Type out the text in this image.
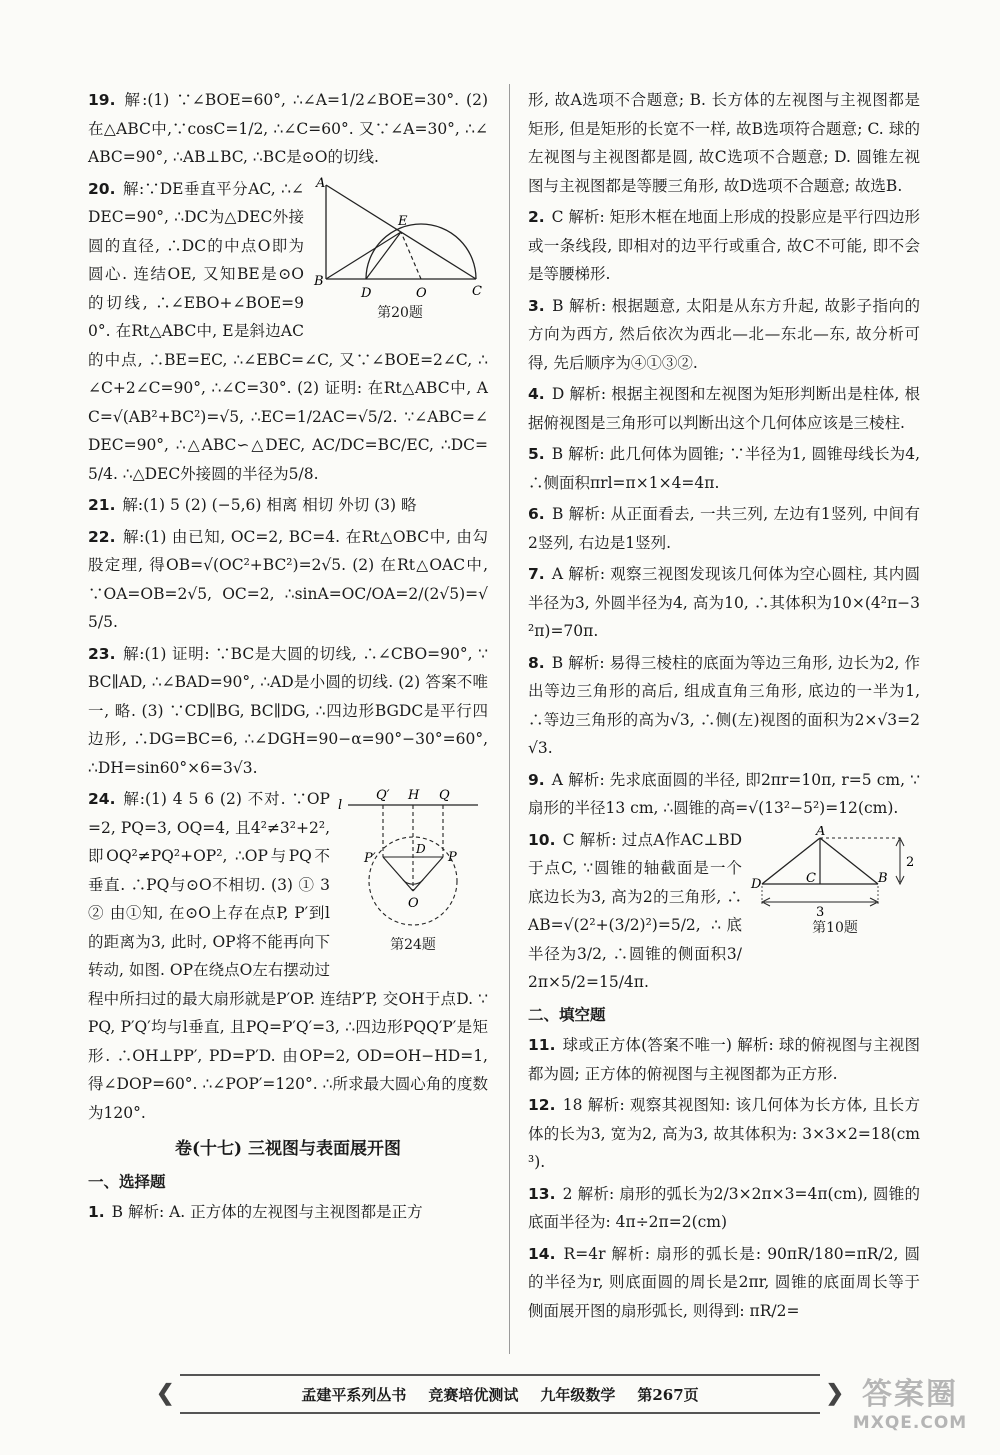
19. 解:(1) ∵∠BOE=60°, ∴∠A=1/2∠BOE=30°. (2) 在△ABC中,∵cosC=1/2, ∴∠C=60°. 又∵∠A=30°, ∴∠ABC=90°, ∴AB⊥BC, ∴BC是⊙O的切线.

A
E
B
D	O	C
第20题
20. 解:∵DE垂直平分AC, ∴∠DEC=90°, ∴DC为△DEC外接圆的直径, ∴DC的中点O即为圆心. 连结OE, 又知BE是⊙O的切线, ∴∠EBO+∠BOE=90°. 在Rt△ABC中, E是斜边AC的中点, ∴BE=EC, ∴∠EBC=∠C, 又∵∠BOE=2∠C, ∴∠C+2∠C=90°, ∴∠C=30°. (2) 证明: 在Rt△ABC中, AC=√(AB²+BC²)=√5, ∴EC=1/2AC=√5/2. ∵∠ABC=∠DEC=90°, ∴△ABC∽△DEC, AC/DC=BC/EC, ∴DC=5/4. ∴△DEC外接圆的半径为5/8.

21. 解:(1) 5 (2) (−5,6) 相离 相切 外切 (3) 略

22. 解:(1) 由已知, OC=2, BC=4. 在Rt△OBC中, 由勾股定理, 得OB=√(OC²+BC²)=2√5. (2) 在Rt△OAC中, ∵OA=OB=2√5, OC=2, ∴sinA=OC/OA=2/(2√5)=√5/5.

23. 解:(1) 证明: ∵BC是大圆的切线, ∴∠CBO=90°, ∵BC∥AD, ∴∠BAD=90°, ∴AD是小圆的切线. (2) 答案不唯一, 略. (3) ∵CD∥BG, BC∥DG, ∴四边形BGDC是平行四边形, ∴DG=BC=6, ∴∠DGH=90−α=90°−30°=60°, ∴DH=sin60°×6=3√3.

l
Q′ H Q
P′
D
P
O
第24题
24. 解:(1) 4 5 6 (2) 不对. ∵OP=2, PQ=3, OQ=4, 且4²≠3²+2², 即OQ²≠PQ²+OP², ∴OP与PQ不垂直. ∴PQ与⊙O不相切. (3) ① 3 ② 由①知, 在⊙O上存在点P, P′到l的距离为3, 此时, OP将不能再向下转动, 如图. OP在绕点O左右摆动过程中所扫过的最大扇形就是P′OP. 连结P′P, 交OH于点D. ∵PQ, P′Q′均与l垂直, 且PQ=P′Q′=3, ∴四边形PQQ′P′是矩形. ∴OH⊥PP′, PD=P′D. 由OP=2, OD=OH−HD=1, 得∠DOP=60°. ∴∠POP′=120°. ∴所求最大圆心角的度数为120°.
卷(十七) 三视图与表面展开图
一、选择题

1. B 解析: A. 正方体的左视图与主视图都是正方

形, 故A选项不合题意; B. 长方体的左视图与主视图都是矩形, 但是矩形的长宽不一样, 故B选项符合题意; C. 球的左视图与主视图都是圆, 故C选项不合题意; D. 圆锥左视图与主视图都是等腰三角形, 故D选项不合题意; 故选B.

2. C 解析: 矩形木框在地面上形成的投影应是平行四边形或一条线段, 即相对的边平行或重合, 故C不可能, 即不会是等腰梯形.

3. B 解析: 根据题意, 太阳是从东方升起, 故影子指向的方向为西方, 然后依次为西北—北—东北—东, 故分析可得, 先后顺序为④①③②.

4. D 解析: 根据主视图和左视图为矩形判断出是柱体, 根据俯视图是三角形可以判断出这个几何体应该是三棱柱.

5. B 解析: 此几何体为圆锥; ∵半径为1, 圆锥母线长为4, ∴侧面积πrl=π×1×4=4π.

6. B 解析: 从正面看去, 一共三列, 左边有1竖列, 中间有2竖列, 右边是1竖列.

7. A 解析: 观察三视图发现该几何体为空心圆柱, 其内圆半径为3, 外圆半径为4, 高为10, ∴其体积为10×(4²π−3²π)=70π.

8. B 解析: 易得三棱柱的底面为等边三角形, 边长为2, 作出等边三角形的高后, 组成直角三角形, 底边的一半为1, ∴等边三角形的高为√3, ∴侧(左)视图的面积为2×√3=2√3.

9. A 解析: 先求底面圆的半径, 即2πr=10π, r=5 cm, ∵扇形的半径13 cm, ∴圆锥的高=√(13²−5²)=12(cm).

A
D	C	B
2
3
第10题
10. C 解析: 过点A作AC⊥BD于点C, ∵圆锥的轴截面是一个底边长为3, 高为2的三角形, ∴AB=√(2²+(3/2)²)=5/2, ∴底半径为3/2, ∴圆锥的侧面积3/2π×5/2=15/4π.
二、填空题

11. 球或正方体(答案不唯一) 解析: 球的俯视图与主视图都为圆; 正方体的俯视图与主视图都为正方形.

12. 18 解析: 观察其视图知: 该几何体为长方体, 且长方体的长为3, 宽为2, 高为3, 故其体积为: 3×3×2=18(cm³).

13. 2 解析: 扇形的弧长为2/3×2π×3=4π(cm), 圆锥的底面半径为: 4π÷2π=2(cm)

14. R=4r 解析: 扇形的弧长是: 90πR/180=πR/2, 圆的半径为r, 则底面圆的周长是2πr, 圆锥的底面周长等于侧面展开图的扇形弧长, 则得到: πR/2=

❮	孟建平系列丛书 竞赛培优测试 九年级数学 第267页	❯ 答案圈
MXQE.COM
